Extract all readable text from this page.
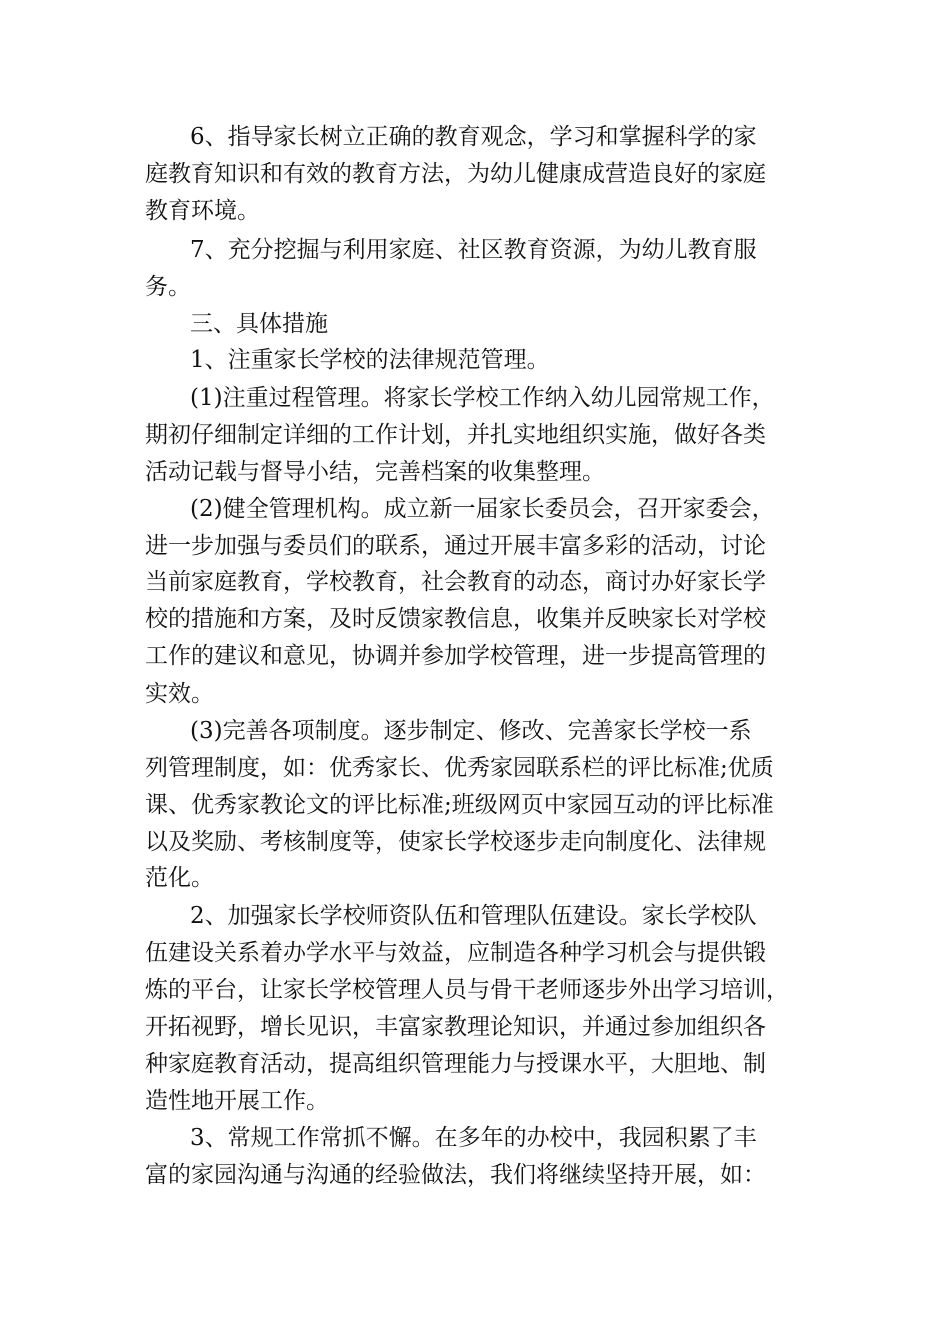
6、指导家长树立正确的教育观念，学习和掌握科学的家
庭教育知识和有效的教育方法，为幼儿健康成营造良好的家庭
教育环境。
7、充分挖掘与利用家庭、社区教育资源，为幼儿教育服
务。
三、具体措施
1、注重家长学校的法律规范管理。
(1)注重过程管理。将家长学校工作纳入幼儿园常规工作，
期初仔细制定详细的工作计划，并扎实地组织实施，做好各类
活动记载与督导小结，完善档案的收集整理。
(2)健全管理机构。成立新一届家长委员会，召开家委会，
进一步加强与委员们的联系，通过开展丰富多彩的活动，讨论
当前家庭教育，学校教育，社会教育的动态，商讨办好家长学
校的措施和方案，及时反馈家教信息，收集并反映家长对学校
工作的建议和意见，协调并参加学校管理，进一步提高管理的
实效。
(3)完善各项制度。逐步制定、修改、完善家长学校一系
列管理制度，如：优秀家长、优秀家园联系栏的评比标准;优质
课、优秀家教论文的评比标准;班级网页中家园互动的评比标准
以及奖励、考核制度等，使家长学校逐步走向制度化、法律规
范化。
2、加强家长学校师资队伍和管理队伍建设。家长学校队
伍建设关系着办学水平与效益，应制造各种学习机会与提供锻
炼的平台，让家长学校管理人员与骨干老师逐步外出学习培训，
开拓视野，增长见识，丰富家教理论知识，并通过参加组织各
种家庭教育活动，提高组织管理能力与授课水平，大胆地、制
造性地开展工作。
3、常规工作常抓不懈。在多年的办校中，我园积累了丰
富的家园沟通与沟通的经验做法，我们将继续坚持开展，如：
